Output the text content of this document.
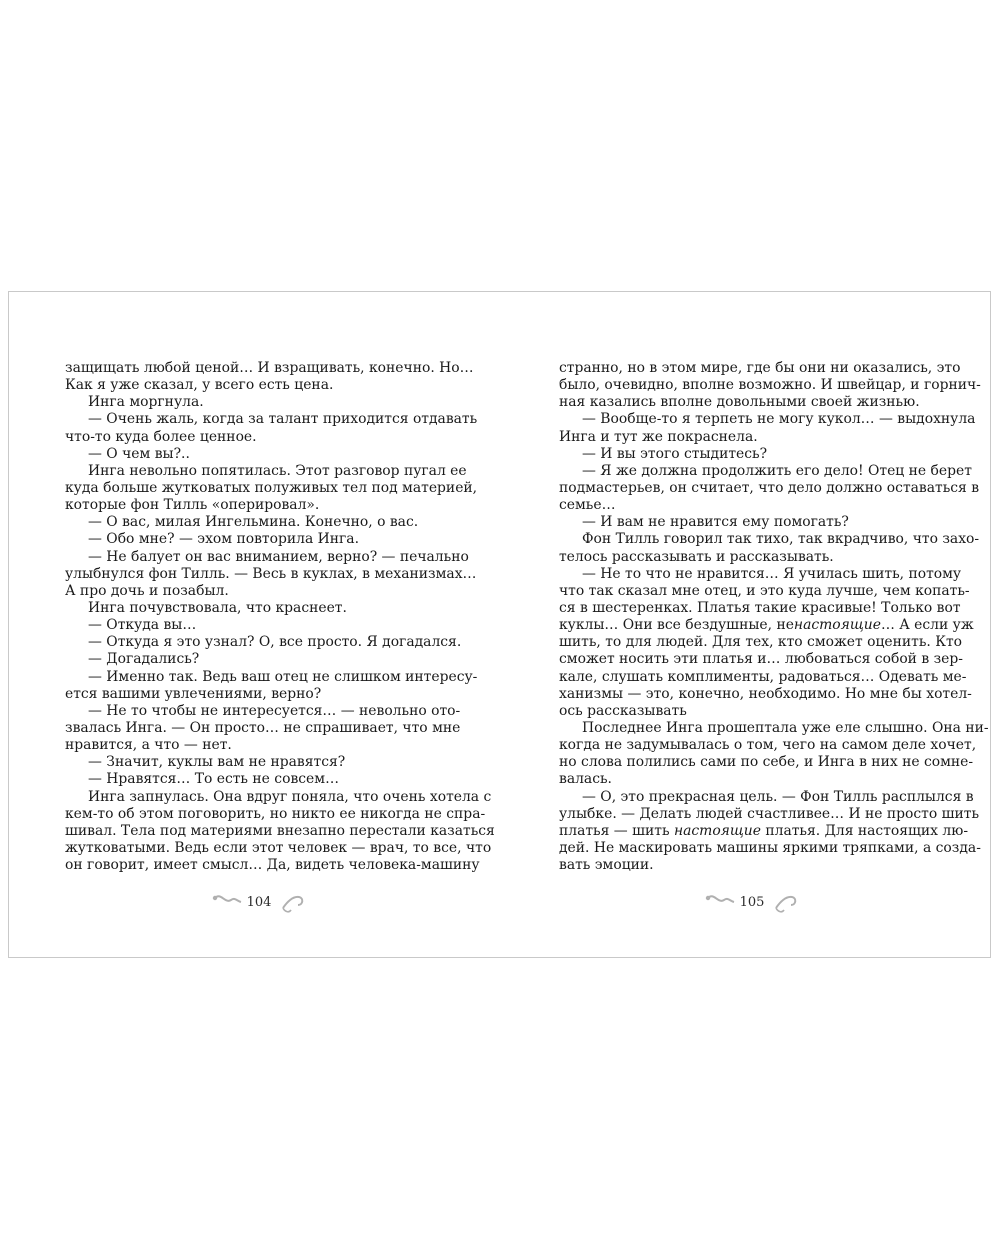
защищать любой ценой… И взращивать, конечно. Но…
Как я уже сказал, у всего есть цена.
Инга моргнула.
— Очень жаль, когда за талант приходится отдавать
что-то куда более ценное.
— О чем вы?..
Инга невольно попятилась. Этот разговор пугал ее
куда больше жутковатых полуживых тел под материей,
которые фон Тилль «оперировал».
— О вас, милая Ингельмина. Конечно, о вас.
— Обо мне? — эхом повторила Инга.
— Не балует он вас вниманием, верно? — печально
улыбнулся фон Тилль. — Весь в куклах, в механизмах…
А про дочь и позабыл.
Инга почувствовала, что краснеет.
— Откуда вы…
— Откуда я это узнал? О, все просто. Я догадался.
— Догадались?
— Именно так. Ведь ваш отец не слишком интересу-
ется вашими увлечениями, верно?
— Не то чтобы не интересуется… — невольно ото-
звалась Инга. — Он просто… не спрашивает, что мне
нравится, а что — нет.
— Значит, куклы вам не нравятся?
— Нравятся… То есть не совсем…
Инга запнулась. Она вдруг поняла, что очень хотела с
кем-то об этом поговорить, но никто ее никогда не спра-
шивал. Тела под материями внезапно перестали казаться
жутковатыми. Ведь если этот человек — врач, то все, что
он говорит, имеет смысл… Да, видеть человека-машину
странно, но в этом мире, где бы они ни оказались, это
было, очевидно, вполне возможно. И швейцар, и горнич-
ная казались вполне довольными своей жизнью.
— Вообще-то я терпеть не могу кукол… — выдохнула
Инга и тут же покраснела.
— И вы этого стыдитесь?
— Я же должна продолжить его дело! Отец не берет
подмастерьев, он считает, что дело должно оставаться в
семье…
— И вам не нравится ему помогать?
Фон Тилль говорил так тихо, так вкрадчиво, что захо-
телось рассказывать и рассказывать.
— Не то что не нравится… Я училась шить, потому
что так сказал мне отец, и это куда лучше, чем копать-
ся в шестеренках. Платья такие красивые! Только вот
куклы… Они все бездушные, ненастоящие… А если уж
шить, то для людей. Для тех, кто сможет оценить. Кто
сможет носить эти платья и… любоваться собой в зер-
кале, слушать комплименты, радоваться… Одевать ме-
ханизмы — это, конечно, необходимо. Но мне бы хотел-
ось рассказывать
Последнее Инга прошептала уже еле слышно. Она ни-
когда не задумывалась о том, чего на самом деле хочет,
но слова полились сами по себе, и Инга в них не сомне-
валась.
— О, это прекрасная цель. — Фон Тилль расплылся в
улыбке. — Делать людей счастливее… И не просто шить
платья — шить настоящие платья. Для настоящих лю-
дей. Не маскировать машины яркими тряпками, а созда-
вать эмоции.
104	105
